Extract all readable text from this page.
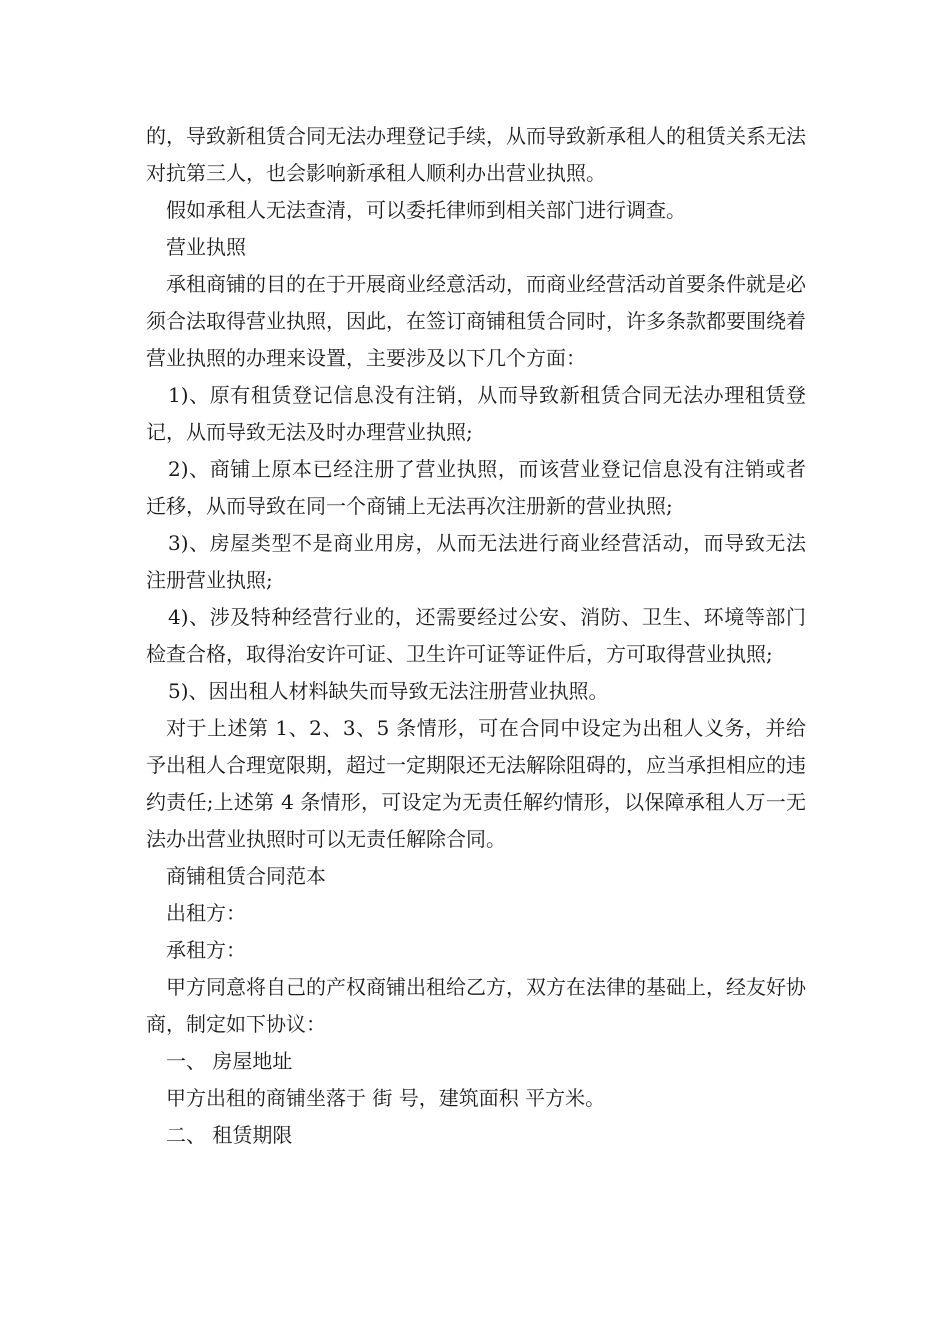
的，导致新租赁合同无法办理登记手续，从而导致新承租人的租赁关系无法对抗第三人，也会影响新承租人顺利办出营业执照。

假如承租人无法查清，可以委托律师到相关部门进行调查。

营业执照

承租商铺的目的在于开展商业经意活动，而商业经营活动首要条件就是必须合法取得营业执照，因此，在签订商铺租赁合同时，许多条款都要围绕着营业执照的办理来设置，主要涉及以下几个方面：

1)、原有租赁登记信息没有注销，从而导致新租赁合同无法办理租赁登记，从而导致无法及时办理营业执照;

2)、商铺上原本已经注册了营业执照，而该营业登记信息没有注销或者迁移，从而导致在同一个商铺上无法再次注册新的营业执照;

3)、房屋类型不是商业用房，从而无法进行商业经营活动，而导致无法注册营业执照;

4)、涉及特种经营行业的，还需要经过公安、消防、卫生、环境等部门检查合格，取得治安许可证、卫生许可证等证件后，方可取得营业执照;

5)、因出租人材料缺失而导致无法注册营业执照。

对于上述第 1、2、3、5 条情形，可在合同中设定为出租人义务，并给予出租人合理宽限期，超过一定期限还无法解除阻碍的，应当承担相应的违约责任;上述第 4 条情形，可设定为无责任解约情形，以保障承租人万一无法办出营业执照时可以无责任解除合同。

商铺租赁合同范本

出租方：

承租方：

甲方同意将自己的产权商铺出租给乙方，双方在法律的基础上，经友好协商，制定如下协议：

一、 房屋地址

甲方出租的商铺坐落于 街 号，建筑面积 平方米。

二、 租赁期限
